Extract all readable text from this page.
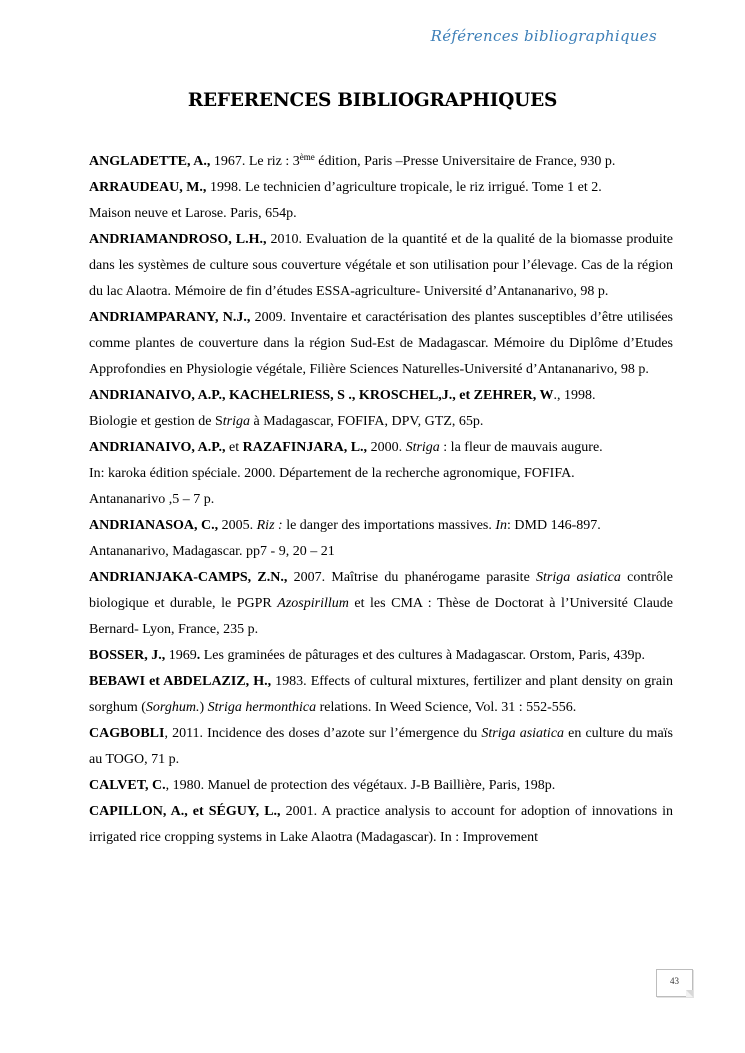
Références bibliographiques
REFERENCES BIBLIOGRAPHIQUES

ANGLADETTE, A., 1967. Le riz : 3ème édition, Paris –Presse Universitaire de France, 930 p.

ARRAUDEAU, M., 1998. Le technicien d’agriculture tropicale, le riz irrigué. Tome 1 et 2.
Maison neuve et Larose. Paris, 654p.

ANDRIAMANDROSO, L.H., 2010. Evaluation de la quantité et de la qualité de la biomasse produite dans les systèmes de culture sous couverture végétale et son utilisation pour l’élevage. Cas de la région du lac Alaotra. Mémoire de fin d’études ESSA-agriculture- Université d’Antananarivo, 98 p.

ANDRIAMPARANY, N.J., 2009. Inventaire et caractérisation des plantes susceptibles d’être utilisées comme plantes de couverture dans la région Sud-Est de Madagascar. Mémoire du Diplôme d’Etudes Approfondies en Physiologie végétale, Filière Sciences Naturelles-Université d’Antananarivo, 98 p.

ANDRIANAIVO, A.P., KACHELRIESS, S ., KROSCHEL,J., et ZEHRER, W., 1998.
Biologie et gestion de Striga à Madagascar, FOFIFA, DPV, GTZ, 65p.

ANDRIANAIVO, A.P., et RAZAFINJARA, L., 2000. Striga : la fleur de mauvais augure.
In: karoka édition spéciale. 2000. Département de la recherche agronomique, FOFIFA.
Antananarivo ,5 – 7 p.

ANDRIANASOA, C., 2005. Riz : le danger des importations massives. In: DMD 146-897.
Antananarivo, Madagascar. pp7 - 9, 20 – 21

ANDRIANJAKA-CAMPS, Z.N., 2007. Maîtrise du phanérogame parasite Striga asiatica contrôle biologique et durable, le PGPR Azospirillum et les CMA : Thèse de Doctorat à l’Université Claude Bernard- Lyon, France, 235 p.

BOSSER, J., 1969. Les graminées de pâturages et des cultures à Madagascar. Orstom, Paris, 439p.

BEBAWI et ABDELAZIZ, H., 1983. Effects of cultural mixtures, fertilizer and plant density on grain sorghum (Sorghum.) Striga hermonthica relations. In Weed Science, Vol. 31 : 552-556.

CAGBOBLI, 2011. Incidence des doses d’azote sur l’émergence du Striga asiatica en culture du maïs au TOGO, 71 p.

CALVET, C., 1980. Manuel de protection des végétaux. J-B Baillière, Paris, 198p.

CAPILLON, A., et SÉGUY, L., 2001. A practice analysis to account for adoption of innovations in irrigated rice cropping systems in Lake Alaotra (Madagascar). In : Improvement

43
